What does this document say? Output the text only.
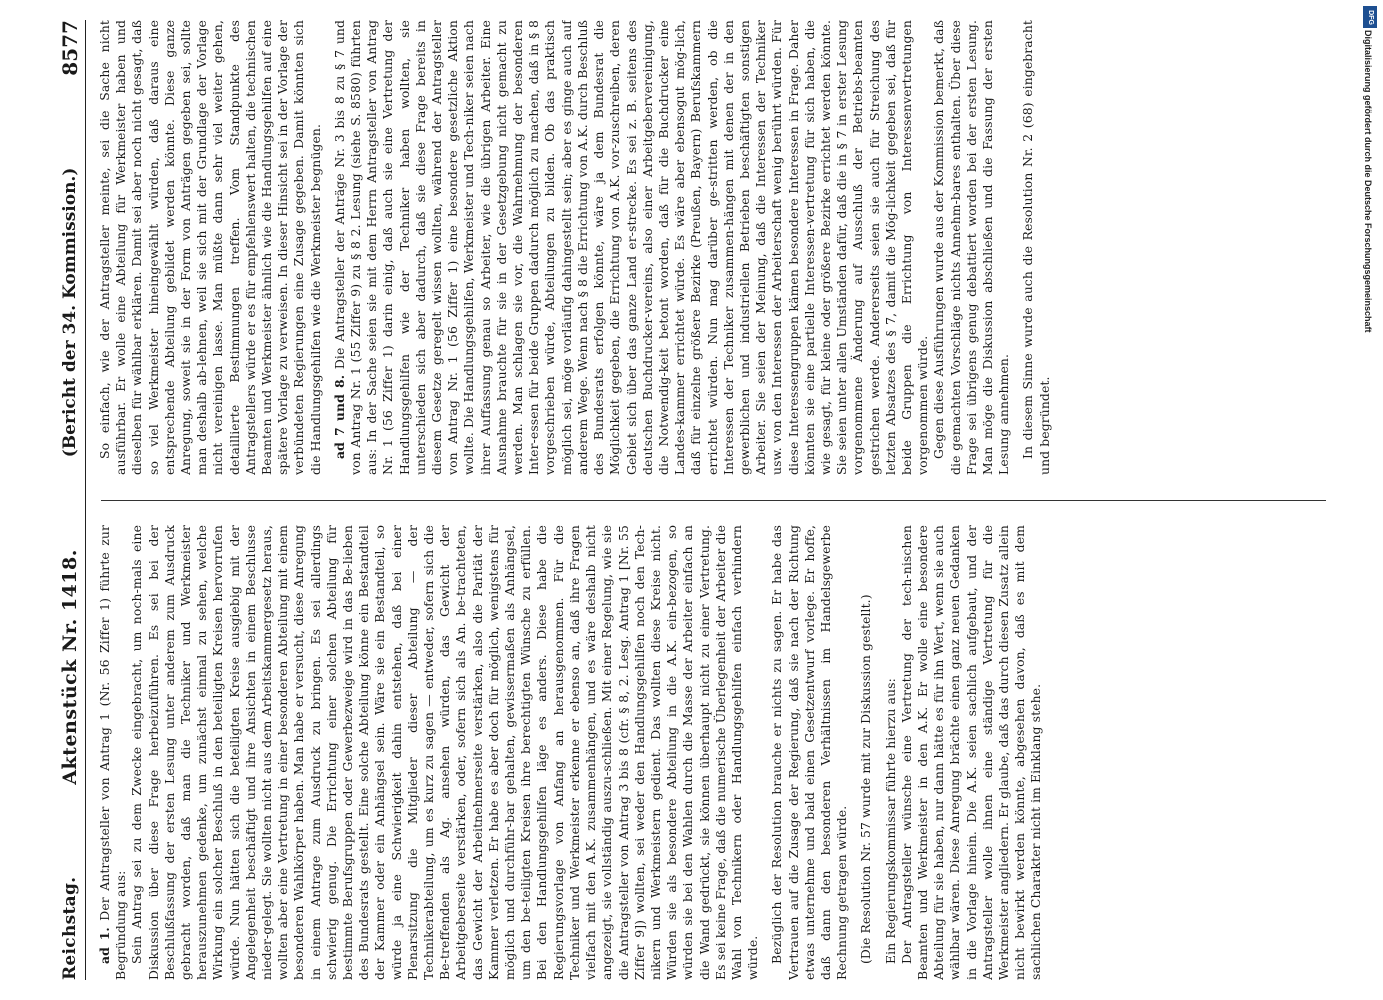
Reichstag.
Aktenstück Nr. 1418.
(Bericht der 34. Kommission.)
8577

ad 1. Der Antragsteller von Antrag 1 (Nr. 56 Ziffer 1) führte zur Begründung aus: Sein Antrag sei zu dem Zwecke eingebracht, um noch-mals eine Diskussion über diese Frage herbeizuführen. Es sei bei der Beschlußfassung der ersten Lesung unter anderem zum Ausdruck gebracht worden, daß man die Techniker und Werkmeister herauszunehmen gedenke, um zunächst einmal zu sehen, welche Wirkung ein solcher Beschluß in den beteiligten Kreisen hervorrufen würde. Nun hätten sich die beteiligten Kreise ausgiebig mit der Angelegenheit beschäftigt und ihre Ansichten in einem Beschlusse nieder-gelegt. Sie wollten nicht aus dem Arbeitskammergesetz heraus, wollten aber eine Vertretung in einer besonderen Abteilung mit einem besonderen Wahlkörper haben. Man habe er versucht, diese Anregung in einem Antrage zum Ausdruck zu bringen. Es sei allerdings schwierig genug. Die Errichtung einer solchen Abteilung für bestimmte Berufsgruppen oder Gewerbezweige wird in das Be-lieben des Bundesrats gestellt. Eine solche Abteilung könne ein Bestandteil der Kammer oder ein Anhängsel sein. Wäre sie ein Bestandteil, so würde ja eine Schwierigkeit dahin entstehen, daß bei einer Plenarsitzung die Mitglieder dieser Abteilung — der Technikerabteilung, um es kurz zu sagen — entweder, sofern sich die Be-treffenden als Ag. ansehen würden, das Gewicht der Arbeitgeberseite verstärken, oder, sofern sich als An. be-trachteten, das Gewicht der Arbeitnehmerseite verstärken, also die Parität der Kammer verletzen. Er habe es aber doch für möglich, wenigstens für möglich und durchführ-bar gehalten, gewissermaßen als Anhängsel, um den be-teiligten Kreisen ihre berechtigten Wünsche zu erfüllen. Bei den Handlungsgehilfen läge es anders. Diese habe die Regierungsvorlage von Anfang an herausgenommen. Für die Techniker und Werkmeister erkenne er ebenso an, daß ihre Fragen vielfach mit den A.K. zusammenhängen, und es wäre deshalb nicht angezeigt, sie vollständig auszu-schließen. Mit einer Regelung, wie sie die Antragsteller von Antrag 3 bis 8 (cfr. § 8, 2. Lesg. Antrag 1 [Nr. 55 Ziffer 9]) wollten, sei weder den Handlungsgehilfen noch den Tech-nikern und Werkmeistern gedient. Das wollten diese Kreise nicht. Würden sie als besondere Abteilung in die A.K. ein-bezogen, so würden sie bei den Wahlen durch die Masse der Arbeiter einfach an die Wand gedrückt, sie können überhaupt nicht zu einer Vertretung. Es sei keine Frage, daß die numerische Überlegenheit der Arbeiter die Wahl von Technikern oder Handlungsgehilfen einfach verhindern würde. Bezüglich der Resolution brauche er nichts zu sagen. Er habe das Vertrauen auf die Zusage der Regierung, daß sie nach der Richtung etwas unternehme und bald einen Gesetzentwurf vorlege. Er hoffe, daß dann den besonderen Verhältnissen im Handelsgewerbe Rechnung getragen würde. (Die Resolution Nr. 57 wurde mit zur Diskussion gestellt.) Ein Regierungskommissar führte hierzu aus: Der Antragsteller wünsche eine Vertretung der tech-nischen Beamten und Werkmeister in den A.K. Er wolle eine besondere Abteilung für sie haben, nur dann hätte es für ihn Wert, wenn sie auch wählbar wären. Diese Anregung brächte einen ganz neuen Gedanken in die Vorlage hinein. Die A.K. seien sachlich aufgebaut, und der Antragsteller wolle ihnen eine ständige Vertretung für die Werkmeister angliedern. Er glaube, daß das durch diesen Zusatz allein nicht bewirkt werden könnte, abgesehen davon, daß es mit dem sachlichen Charakter nicht im Einklang stehe.

So einfach, wie der Antragsteller meinte, sei die Sache nicht ausführbar. Er wolle eine Abteilung für Werkmeister haben und dieselben für wählbar erklären. Damit sei aber noch nicht gesagt, daß so viel Werkmeister hineingewählt würden, daß daraus eine entsprechende Abteilung gebildet werden könnte. Diese ganze Anregung, soweit sie in der Form von Anträgen gegeben sei, sollte man deshalb ab-lehnen, weil sie sich mit der Grundlage der Vorlage nicht vereinigen lasse. Man müßte dann sehr viel weiter gehen, detaillierte Bestimmungen treffen. Vom Standpunkte des Antragstellers würde er es für empfehlenswert halten, die technischen Beamten und Werkmeister ähnlich wie die Handlungsgehilfen auf eine spätere Vorlage zu verweisen. In dieser Hinsicht sei in der Vorlage der verbündeten Regierungen eine Zusage gegeben. Damit könnten sich die Handlungsgehilfen wie die Werkmeister begnügen. ad 7 und 8. Die Antragsteller der Anträge Nr. 3 bis 8 zu § 7 und von Antrag Nr. 1 (55 Ziffer 9) zu § 8 2. Lesung (siehe S. 8580) führten aus: In der Sache seien sie mit dem Herrn Antragsteller von Antrag Nr. 1 (56 Ziffer 1) darin einig, daß auch sie eine Vertretung der Handlungsgehilfen wie der Techniker haben wollten, sie unterschieden sich aber dadurch, daß sie diese Frage bereits in diesem Gesetze geregelt wissen wollten, während der Antragsteller von Antrag Nr. 1 (56 Ziffer 1) eine besondere gesetzliche Aktion wollte. Die Handlungsgehilfen, Werkmeister und Tech-niker seien nach ihrer Auffassung genau so Arbeiter, wie die übrigen Arbeiter. Eine Ausnahme brauchte für sie in der Gesetzgebung nicht gemacht zu werden. Man schlagen sie vor, die Wahrnehmung der besonderen Inter-essen für beide Gruppen dadurch möglich zu machen, daß in § 8 vorgeschrieben würde, Abteilungen zu bilden. Ob das praktisch möglich sei, möge vorläufig dahingestellt sein; aber es ginge auch auf anderem Wege. Wenn nach § 8 die Errichtung von A.K. durch Beschluß des Bundesrats erfolgen könnte, wäre ja dem Bundesrat die Möglichkeit gegeben, die Errichtung von A.K. vor-zuschreiben, deren Gebiet sich über das ganze Land er-strecke. Es sei z. B. seitens des deutschen Buchdrucker-vereins, also einer Arbeitgebervereinigung, die Notwendig-keit betont worden, daß für die Buchdrucker eine Landes-kammer errichtet würde. Es wäre aber ebensogut mög-lich, daß für einzelne größere Bezirke (Preußen, Bayern) Berufskammern errichtet würden. Nun mag darüber ge-stritten werden, ob die Interessen der Techniker zusammen-hängen mit denen der in den gewerblichen und industriellen Betrieben beschäftigten sonstigen Arbeiter. Sie seien der Meinung, daß die Interessen der Techniker usw. von den Interessen der Arbeiterschaft wenig berührt würden. Für diese Interessengruppen kämen besondere Interessen in Frage. Daher könnten sie eine partielle Interessen-vertretung für sich haben, die wie gesagt, für kleine oder größere Bezirke errichtet werden könnte. Sie seien unter allen Umständen dafür, daß die in § 7 in erster Lesung vorgenommene Änderung auf Ausschluß der Betriebs-beamten gestrichen werde. Andererseits seien sie auch für Streichung des letzten Absatzes des § 7, damit die Mög-lichkeit gegeben sei, daß für beide Gruppen die Errichtung von Interessenvertretungen vorgenommen würde. Gegen diese Ausführungen wurde aus der Kommission bemerkt, daß die gemachten Vorschläge nichts Annehm-bares enthalten. Über diese Frage sei übrigens genug debattiert worden bei der ersten Lesung. Man möge die Diskussion abschließen und die Fassung der ersten Lesung annehmen. In diesem Sinne wurde auch die Resolution Nr. 2 (68) eingebracht und begründet.

Digitalisierung gefördert durch die Deutsche Forschungsgemeinschaft
DFG
